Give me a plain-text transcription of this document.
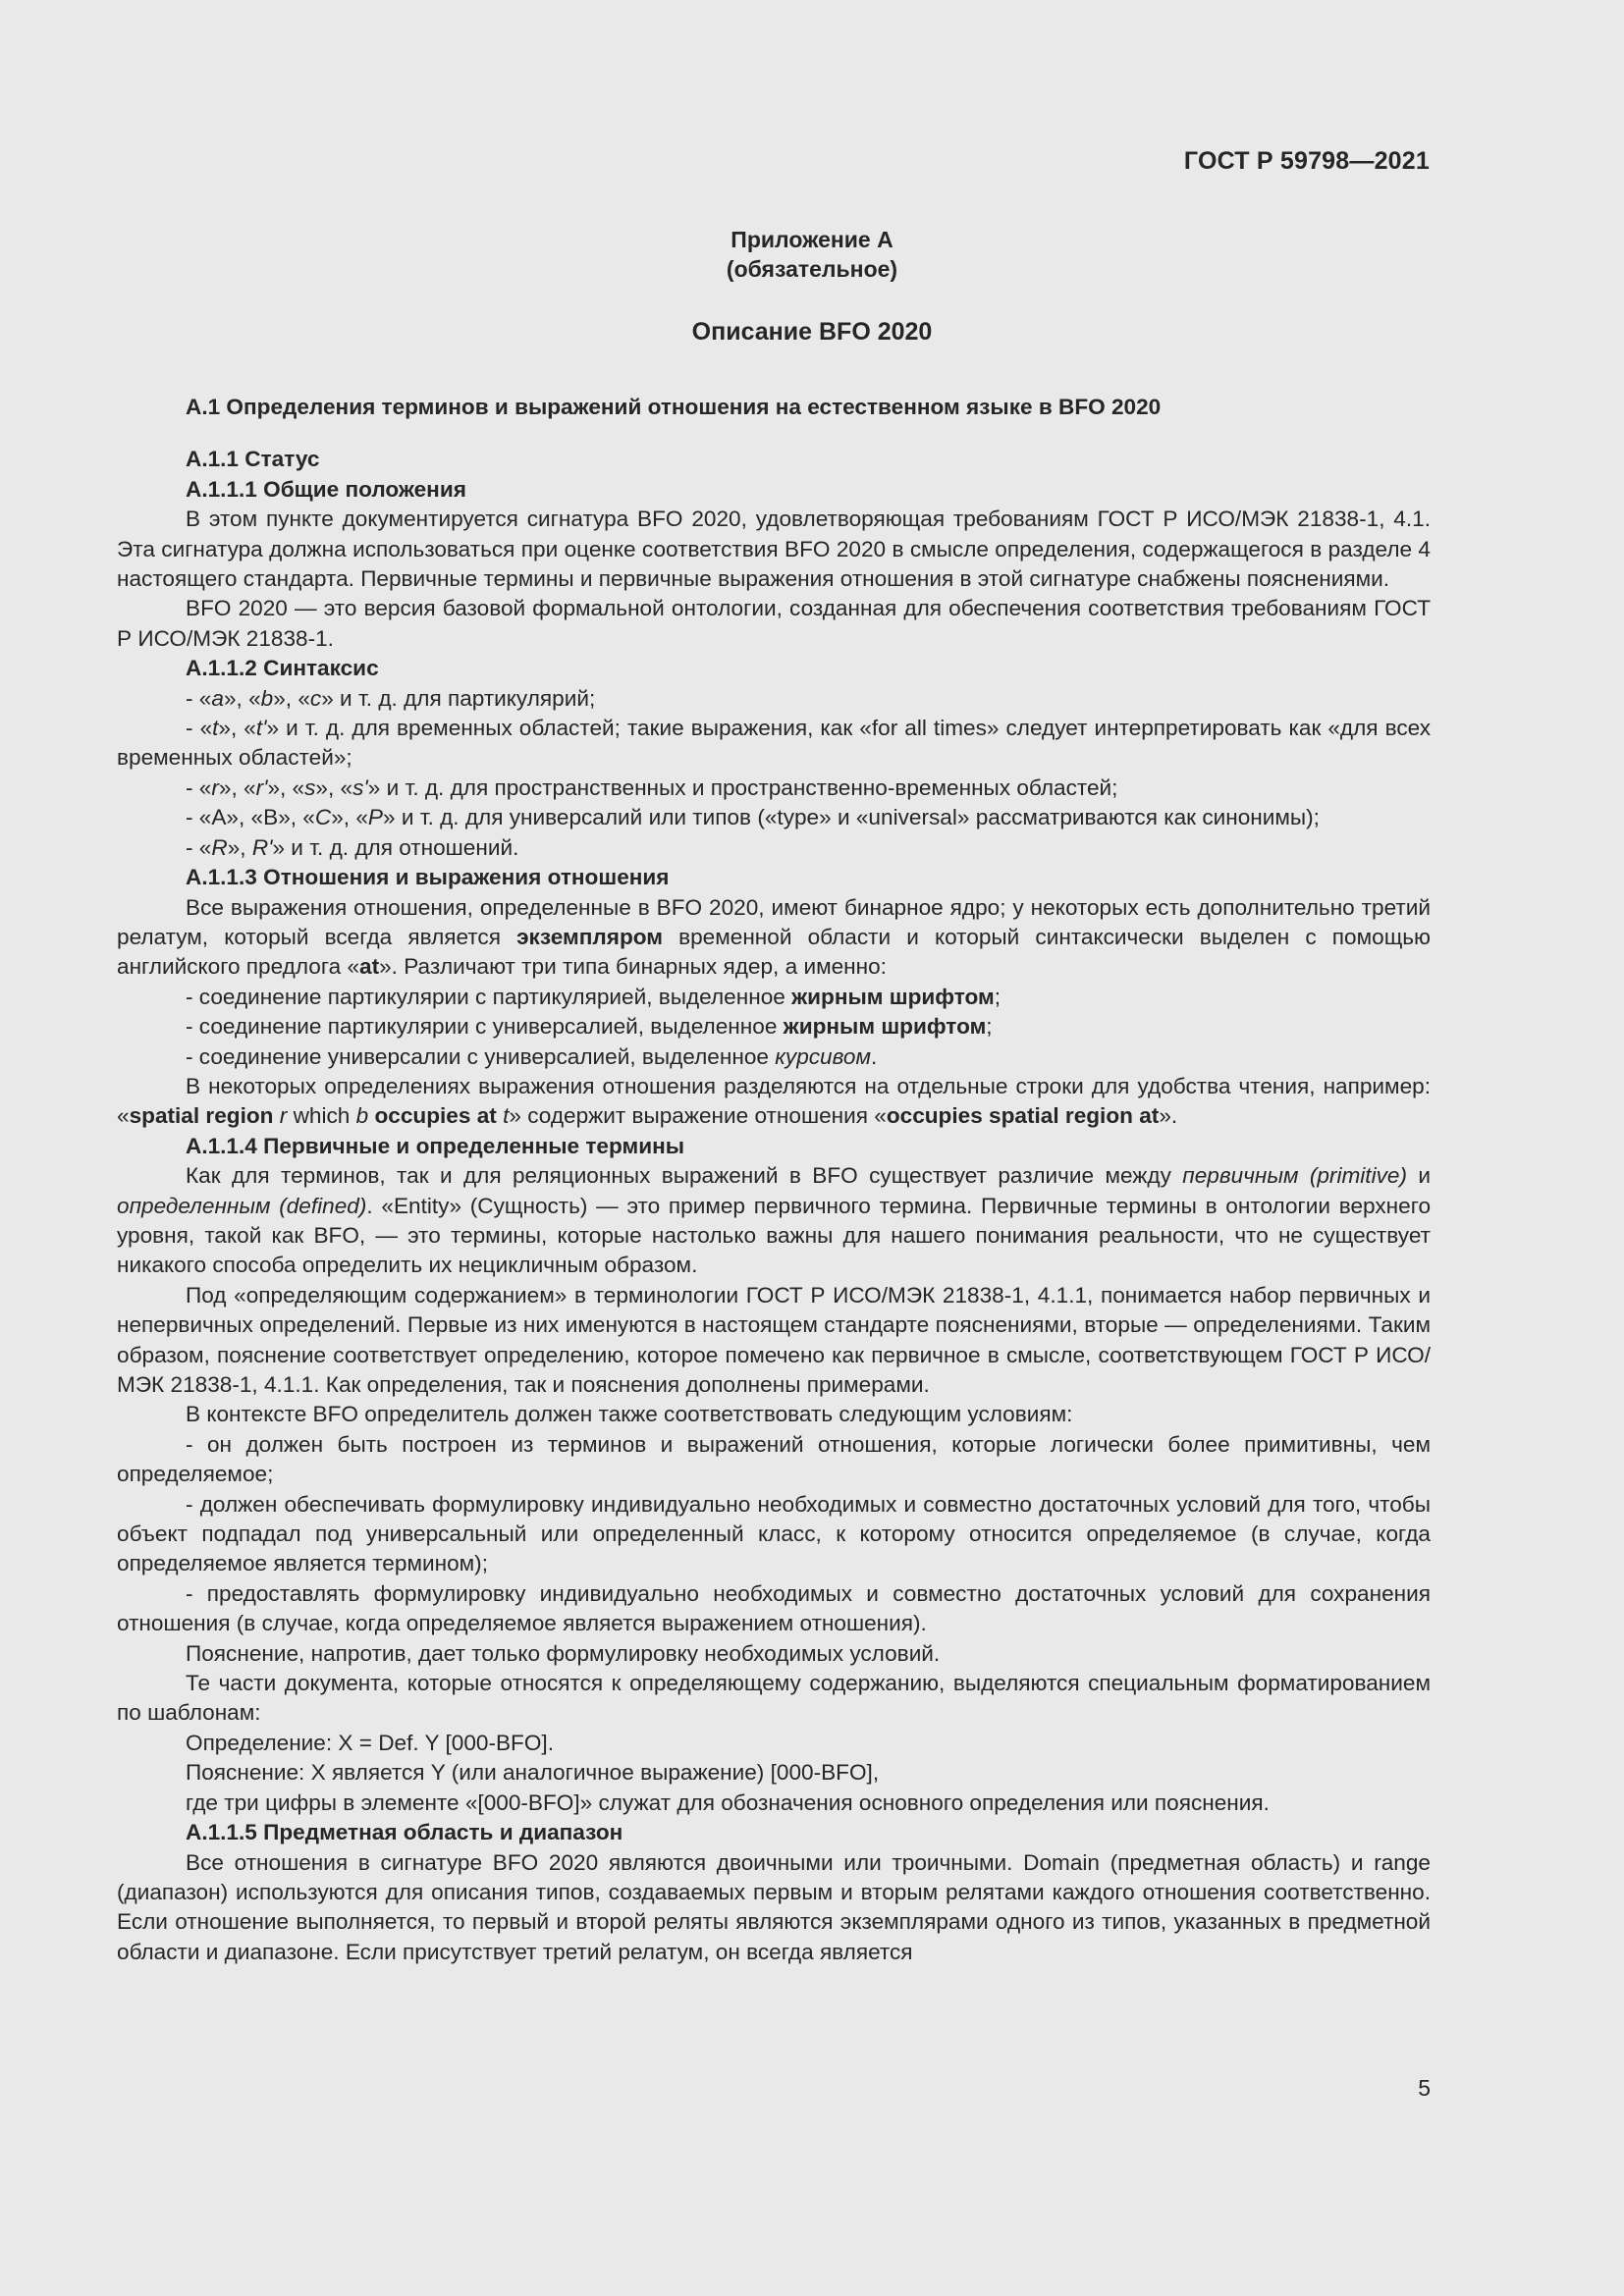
ГОСТ Р 59798—2021
Приложение А
(обязательное)
Описание BFO 2020

А.1 Определения терминов и выражений отношения на естественном языке в BFO 2020

А.1.1 Статус

А.1.1.1 Общие положения

В этом пункте документируется сигнатура BFO 2020, удовлетворяющая требованиям ГОСТ Р ИСО/МЭК 21838-1, 4.1. Эта сигнатура должна использоваться при оценке соответствия BFO 2020 в смысле определения, содержащегося в разделе 4 настоящего стандарта. Первичные термины и первичные выражения отношения в этой сигнатуре снабжены пояснениями.

BFO 2020 — это версия базовой формальной онтологии, созданная для обеспечения соответствия требованиям ГОСТ Р ИСО/МЭК 21838-1.

А.1.1.2 Синтаксис

- «a», «b», «c» и т. д. для партикулярий;

- «t», «t'» и т. д. для временных областей; такие выражения, как «for all times» следует интерпретировать как «для всех временных областей»;

- «r», «r'», «s», «s'» и т. д. для пространственных и пространственно-временных областей;

- «A», «B», «C», «P» и т. д. для универсалий или типов («type» и «universal» рассматриваются как синонимы);

- «R», R'» и т. д. для отношений.

А.1.1.3 Отношения и выражения отношения

Все выражения отношения, определенные в BFO 2020, имеют бинарное ядро; у некоторых есть дополнительно третий релатум, который всегда является экземпляром временной области и который синтаксически выделен с помощью английского предлога «at». Различают три типа бинарных ядер, а именно:

- соединение партикулярии с партикулярией, выделенное жирным шрифтом;

- соединение партикулярии с универсалией, выделенное жирным шрифтом;

- соединение универсалии с универсалией, выделенное курсивом.

В некоторых определениях выражения отношения разделяются на отдельные строки для удобства чтения, например: «spatial region r which b occupies at t» содержит выражение отношения «occupies spatial region at».

А.1.1.4 Первичные и определенные термины

Как для терминов, так и для реляционных выражений в BFO существует различие между первичным (primitive) и определенным (defined). «Entity» (Сущность) — это пример первичного термина. Первичные термины в онтологии верхнего уровня, такой как BFO, — это термины, которые настолько важны для нашего понимания реальности, что не существует никакого способа определить их нецикличным образом.

Под «определяющим содержанием» в терминологии ГОСТ Р ИСО/МЭК 21838-1, 4.1.1, понимается набор первичных и непервичных определений. Первые из них именуются в настоящем стандарте пояснениями, вторые — определениями. Таким образом, пояснение соответствует определению, которое помечено как первичное в смысле, соответствующем ГОСТ Р ИСО/МЭК 21838-1, 4.1.1. Как определения, так и пояснения дополнены примерами.

В контексте BFO определитель должен также соответствовать следующим условиям:

- он должен быть построен из терминов и выражений отношения, которые логически более примитивны, чем определяемое;

- должен обеспечивать формулировку индивидуально необходимых и совместно достаточных условий для того, чтобы объект подпадал под универсальный или определенный класс, к которому относится определяемое (в случае, когда определяемое является термином);

- предоставлять формулировку индивидуально необходимых и совместно достаточных условий для сохранения отношения (в случае, когда определяемое является выражением отношения).

Пояснение, напротив, дает только формулировку необходимых условий.

Те части документа, которые относятся к определяющему содержанию, выделяются специальным форматированием по шаблонам:

Определение: X = Def. Y [000-BFO].

Пояснение: X является Y (или аналогичное выражение) [000-BFO],

где три цифры в элементе «[000-BFO]» служат для обозначения основного определения или пояснения.

А.1.1.5 Предметная область и диапазон

Все отношения в сигнатуре BFO 2020 являются двоичными или троичными. Domain (предметная область) и range (диапазон) используются для описания типов, создаваемых первым и вторым релятами каждого отношения соответственно. Если отношение выполняется, то первый и второй реляты являются экземплярами одного из типов, указанных в предметной области и диапазоне. Если присутствует третий релатум, он всегда является

5
